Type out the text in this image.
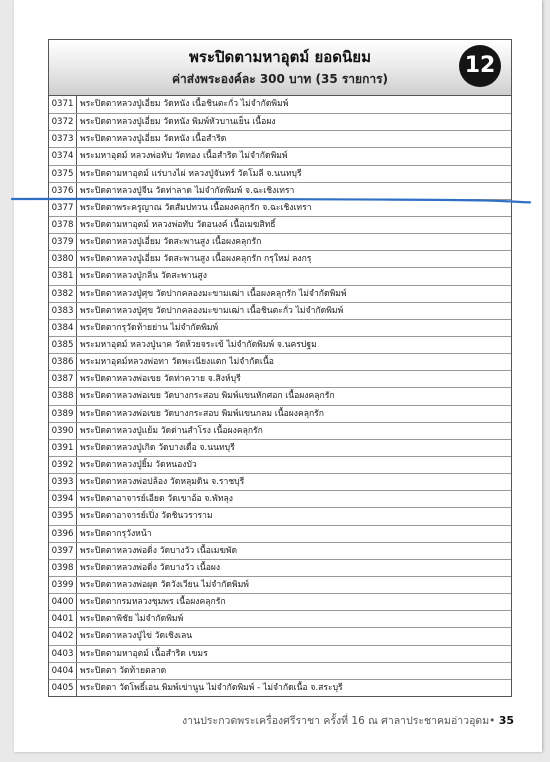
พระปิดตามหาอุตม์ ยอดนิยม
ค่าส่งพระองค์ละ 300 บาท (35 รายการ)
12
0371 พระปิดตาหลวงปู่เอี่ยม วัดหนัง เนื้อชินตะกั่ว ไม่จำกัดพิมพ์
0372 พระปิดตาหลวงปู่เอี่ยม วัดหนัง พิมพ์หัวบานเย็น เนื้อผง
0373 พระปิดตาหลวงปู่เอี่ยม วัดหนัง เนื้อสำริด
0374 พระมหาอุตม์ หลวงพ่อทับ วัดทอง เนื้อสำริด ไม่จำกัดพิมพ์
0375 พระปิดตามหาอุตม์ แร่บางไผ่ หลวงปู่จันทร์ วัดโมลี จ.นนทบุรี
0376 พระปิดตาหลวงปู่จีน วัดท่าลาด ไม่จำกัดพิมพ์ จ.ฉะเชิงเทรา
0377 พระปิดตาพระครูญาณ วัดสัมปทวน เนื้อผงคลุกรัก จ.ฉะเชิงเทรา
0378 พระปิดตามหาอุตม์ หลวงพ่อทับ วัดอนงค์ เนื้อเมฆสิทธิ์
0379 พระปิดตาหลวงปู่เอี่ยม วัดสะพานสูง เนื้อผงคลุกรัก
0380 พระปิดตาหลวงปู่เอี่ยม วัดสะพานสูง เนื้อผงคลุกรัก กรุใหม่ ลงกรุ
0381 พระปิดตาหลวงปู่กลิ่น วัดสะพานสูง
0382 พระปิดตาหลวงปู่ศุข วัดปากคลองมะขามเฒ่า เนื้อผงคลุกรัก ไม่จำกัดพิมพ์
0383 พระปิดตาหลวงปู่ศุข วัดปากคลองมะขามเฒ่า เนื้อชินตะกั่ว ไม่จำกัดพิมพ์
0384 พระปิดตากรุวัดท้ายย่าน ไม่จำกัดพิมพ์
0385 พระมหาอุตม์ หลวงปู่นาค วัดห้วยจระเข้ ไม่จำกัดพิมพ์ จ.นครปฐม
0386 พระมหาอุตม์หลวงพ่อทา วัดพะเนียงแตก ไม่จำกัดเนื้อ
0387 พระปิดตาหลวงพ่อเขย วัดท่าควาย จ.สิงห์บุรี
0388 พระปิดตาหลวงพ่อเขย วัดบางกระสอบ พิมพ์แขนหักศอก เนื้อผงคลุกรัก
0389 พระปิดตาหลวงพ่อเขย วัดบางกระสอบ พิมพ์แขนกลม เนื้อผงคลุกรัก
0390 พระปิดตาหลวงปู่แย้ม วัดด่านสำโรง เนื้อผงคลุกรัก
0391 พระปิดตาหลวงปู่เกิด วัดบางเดื่อ จ.นนทบุรี
0392 พระปิดตาหลวงปู่ยิ้ม วัดหนองบัว
0393 พระปิดตาหลวงพ่อปล้อง วัดหลุมดิน จ.ราชบุรี
0394 พระปิดตาอาจารย์เอียด วัดเขาอ้อ จ.พัทลุง
0395 พระปิดตาอาจารย์เปิ่ง วัดชินวราราม
0396 พระปิดตากรุวังหน้า
0397 พระปิดตาหลวงพ่อดิ่ง วัดบางวัว เนื้อเมฆพัด
0398 พระปิดตาหลวงพ่อดิ่ง วัดบางวัว เนื้อผง
0399 พระปิดตาหลวงพ่อผุด วัดวังเวียน ไม่จำกัดพิมพ์
0400 พระปิดตากรมหลวงชุมพร เนื้อผงคลุกรัก
0401 พระปิดตาพิชัย ไม่จำกัดพิมพ์
0402 พระปิดตาหลวงปู่ไข่ วัดเชิงเลน
0403 พระปิดตามหาอุตม์ เนื้อสำริด เขมร
0404 พระปิดตา วัดท้ายตลาด
0405 พระปิดตา วัดโพธิ์เอน พิมพ์เข่านูน ไม่จำกัดพิมพ์ - ไม่จำกัดเนื้อ จ.สระบุรี
งานประกวดพระเครื่องศรีราชา ครั้งที่ 16 ณ ศาลาประชาคมอ่าวอุดม• 35
